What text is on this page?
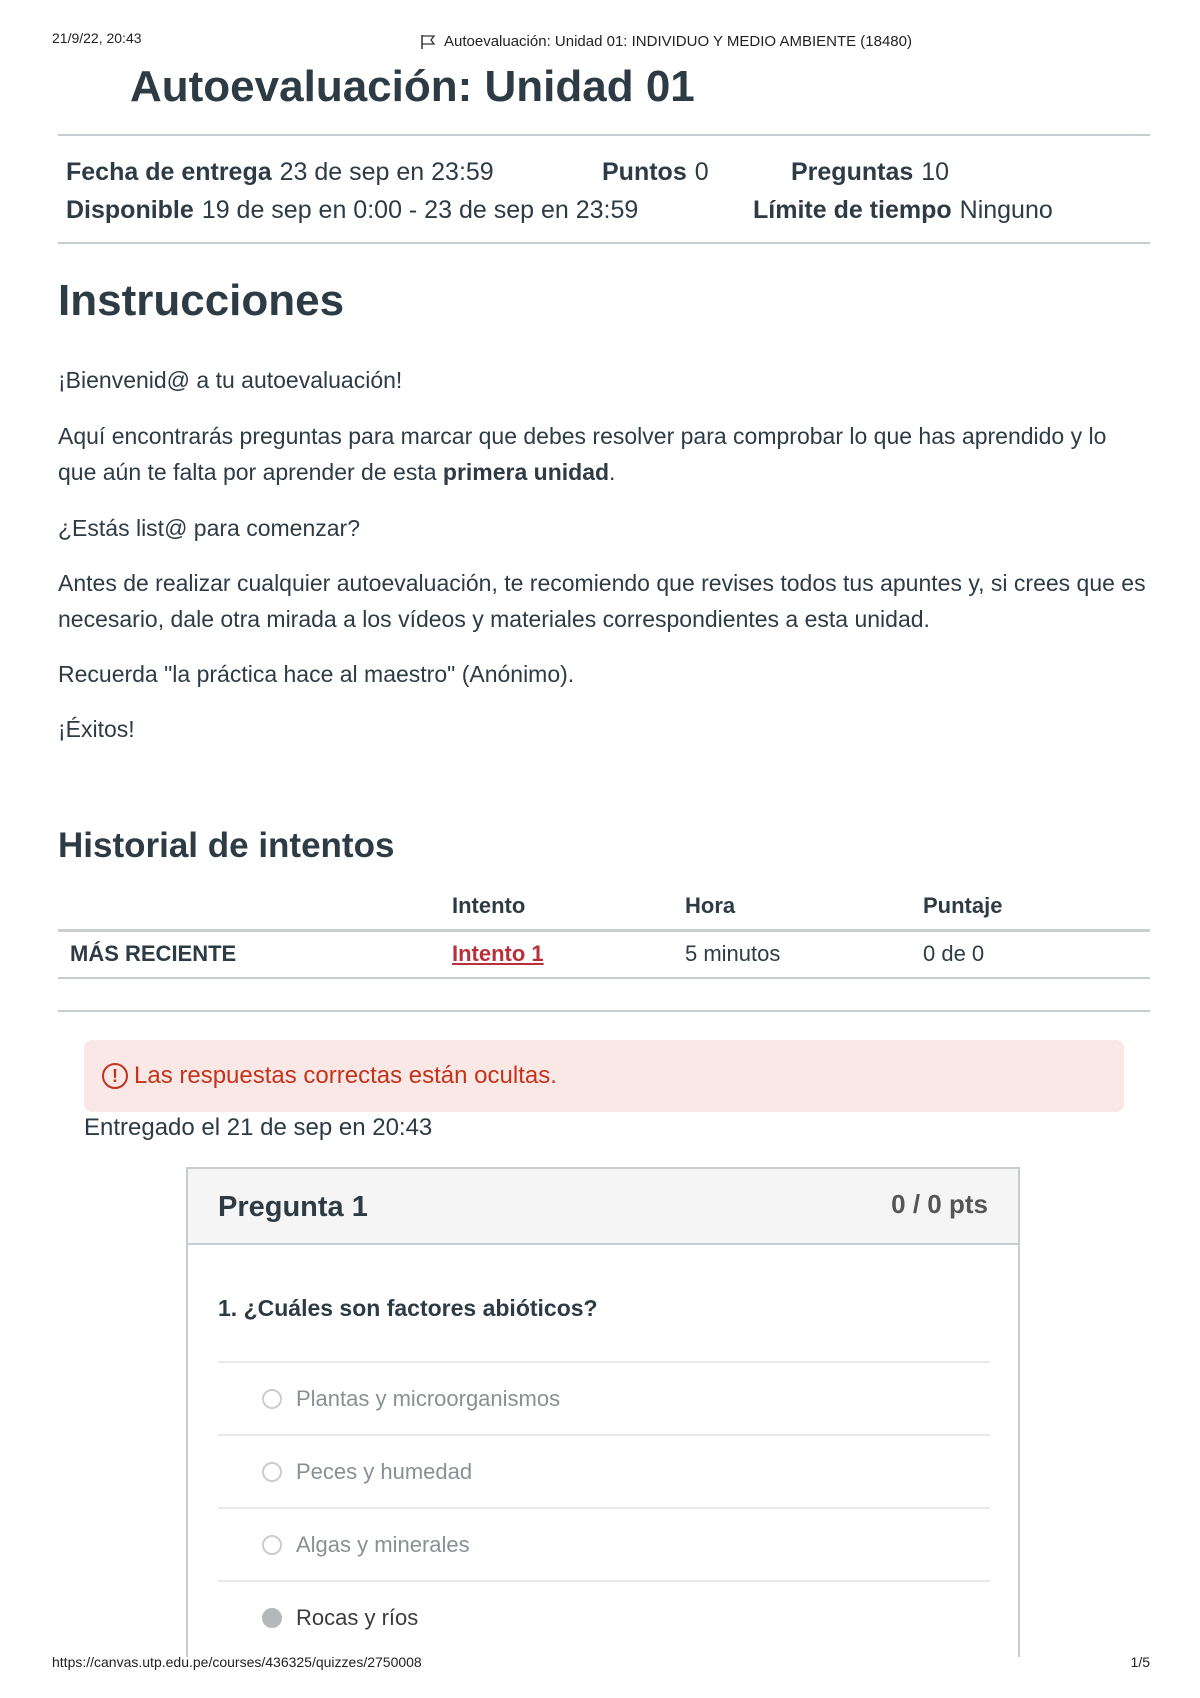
21/9/22, 20:43	Autoevaluación: Unidad 01: INDIVIDUO Y MEDIO AMBIENTE (18480)
Autoevaluación: Unidad 01
Fecha de entrega 23 de sep en 23:59	Puntos 0	Preguntas 10
Disponible 19 de sep en 0:00 - 23 de sep en 23:59	Límite de tiempo Ninguno
Instrucciones

¡Bienvenid@ a tu autoevaluación!

Aquí encontrarás preguntas para marcar que debes resolver para comprobar lo que has aprendido y lo que aún te falta por aprender de esta primera unidad.

¿Estás list@ para comenzar?

Antes de realizar cualquier autoevaluación, te recomiendo que revises todos tus apuntes y, si crees que es necesario, dale otra mirada a los vídeos y materiales correspondientes a esta unidad.

Recuerda "la práctica hace al maestro" (Anónimo).

¡Éxitos!

Historial de intentos
	Intento	Hora	Puntaje
MÁS RECIENTE	Intento 1	5 minutos	0 de 0
! Las respuestas correctas están ocultas.
Entregado el 21 de sep en 20:43
Pregunta 1	0 / 0 pts
1. ¿Cuáles son factores abióticos?
Plantas y microorganismos
Peces y humedad
Algas y minerales
Rocas y ríos
https://canvas.utp.edu.pe/courses/436325/quizzes/2750008	1/5
